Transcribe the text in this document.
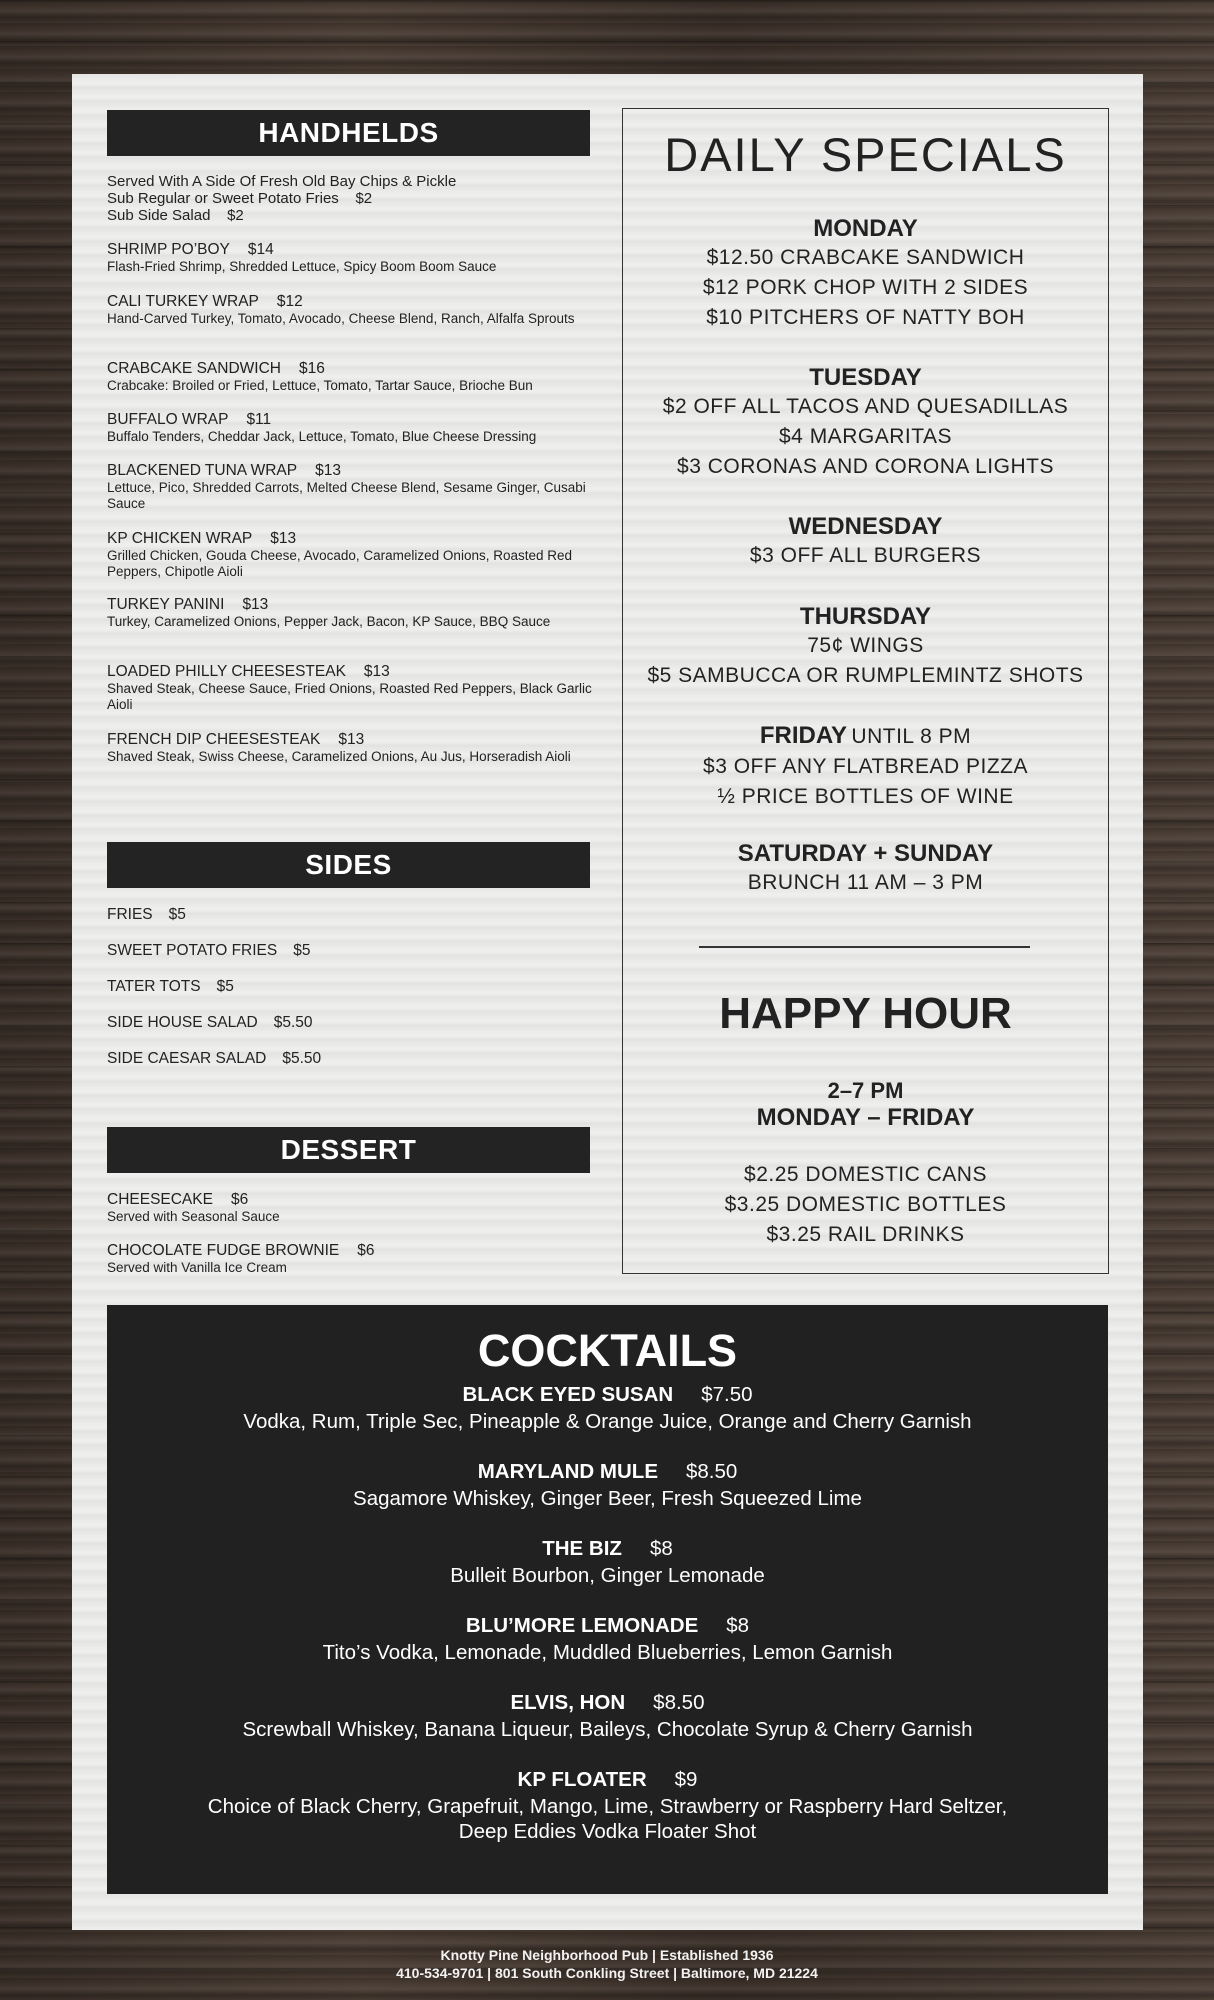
HANDHELDS
Served With A Side Of Fresh Old Bay Chips & Pickle
Sub Regular or Sweet Potato Fries    $2
Sub Side Salad    $2
SHRIMP PO’BOY $14
Flash-Fried Shrimp, Shredded Lettuce, Spicy Boom Boom Sauce
CALI TURKEY WRAP $12
Hand-Carved Turkey, Tomato, Avocado, Cheese Blend, Ranch, Alfalfa Sprouts
CRABCAKE SANDWICH $16
Crabcake: Broiled or Fried, Lettuce, Tomato, Tartar Sauce, Brioche Bun
BUFFALO WRAP $11
Buffalo Tenders, Cheddar Jack, Lettuce, Tomato, Blue Cheese Dressing
BLACKENED TUNA WRAP $13
Lettuce, Pico, Shredded Carrots, Melted Cheese Blend, Sesame Ginger, Cusabi Sauce
KP CHICKEN WRAP $13
Grilled Chicken, Gouda Cheese, Avocado, Caramelized Onions, Roasted Red Peppers, Chipotle Aioli
TURKEY PANINI $13
Turkey, Caramelized Onions, Pepper Jack, Bacon, KP Sauce, BBQ Sauce
LOADED PHILLY CHEESESTEAK $13
Shaved Steak, Cheese Sauce, Fried Onions, Roasted Red Peppers, Black Garlic Aioli
FRENCH DIP CHEESESTEAK $13
Shaved Steak, Swiss Cheese, Caramelized Onions, Au Jus, Horseradish Aioli
SIDES
FRIES $5
SWEET POTATO FRIES $5
TATER TOTS $5
SIDE HOUSE SALAD $5.50
SIDE CAESAR SALAD $5.50
DESSERT
CHEESECAKE $6
Served with Seasonal Sauce
CHOCOLATE FUDGE BROWNIE $6
Served with Vanilla Ice Cream
DAILY SPECIALS
MONDAY
$12.50 CRABCAKE SANDWICH
$12 PORK CHOP WITH 2 SIDES
$10 PITCHERS OF NATTY BOH
TUESDAY
$2 OFF ALL TACOS AND QUESADILLAS
$4 MARGARITAS
$3 CORONAS AND CORONA LIGHTS
WEDNESDAY
$3 OFF ALL BURGERS
THURSDAY
75¢ WINGS
$5 SAMBUCCA OR RUMPLEMINTZ SHOTS
FRIDAY UNTIL 8 PM
$3 OFF ANY FLATBREAD PIZZA
½ PRICE BOTTLES OF WINE
SATURDAY + SUNDAY
BRUNCH 11 AM – 3 PM
HAPPY HOUR
2–7 PM
MONDAY – FRIDAY
$2.25 DOMESTIC CANS
$3.25 DOMESTIC BOTTLES
$3.25 RAIL DRINKS
COCKTAILS
BLACK EYED SUSAN $7.50
Vodka, Rum, Triple Sec, Pineapple & Orange Juice, Orange and Cherry Garnish
MARYLAND MULE $8.50
Sagamore Whiskey, Ginger Beer, Fresh Squeezed Lime
THE BIZ $8
Bulleit Bourbon, Ginger Lemonade
BLU’MORE LEMONADE $8
Tito’s Vodka, Lemonade, Muddled Blueberries, Lemon Garnish
ELVIS, HON $8.50
Screwball Whiskey, Banana Liqueur, Baileys, Chocolate Syrup & Cherry Garnish
KP FLOATER $9
Choice of Black Cherry, Grapefruit, Mango, Lime, Strawberry or Raspberry Hard Seltzer,
Deep Eddies Vodka Floater Shot
Knotty Pine Neighborhood Pub | Established 1936
410-534-9701 | 801 South Conkling Street | Baltimore, MD 21224
